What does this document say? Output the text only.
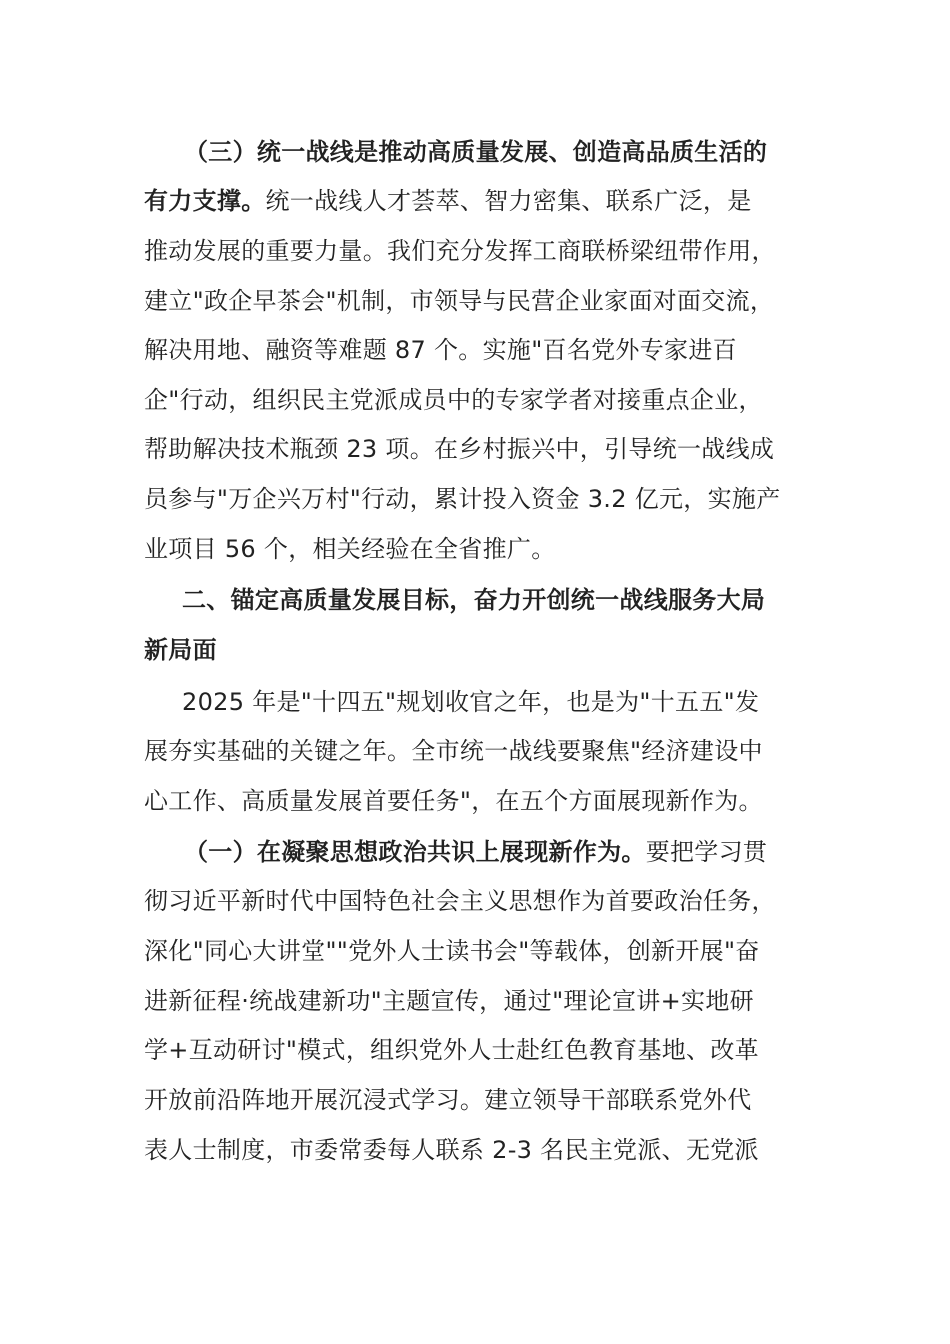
（三）统一战线是推动高质量发展、创造高品质生活的

有力支撑。统一战线人才荟萃、智力密集、联系广泛，是

推动发展的重要力量。我们充分发挥工商联桥梁纽带作用，

建立"政企早茶会"机制，市领导与民营企业家面对面交流，

解决用地、融资等难题 87 个。实施"百名党外专家进百

企"行动，组织民主党派成员中的专家学者对接重点企业，

帮助解决技术瓶颈 23 项。在乡村振兴中，引导统一战线成

员参与"万企兴万村"行动，累计投入资金 3.2 亿元，实施产

业项目 56 个，相关经验在全省推广。

二、锚定高质量发展目标，奋力开创统一战线服务大局

新局面

2025 年是"十四五"规划收官之年，也是为"十五五"发

展夯实基础的关键之年。全市统一战线要聚焦"经济建设中

心工作、高质量发展首要任务"，在五个方面展现新作为。

（一）在凝聚思想政治共识上展现新作为。要把学习贯

彻习近平新时代中国特色社会主义思想作为首要政治任务，

深化"同心大讲堂""党外人士读书会"等载体，创新开展"奋

进新征程·统战建新功"主题宣传，通过"理论宣讲+实地研

学+互动研讨"模式，组织党外人士赴红色教育基地、改革

开放前沿阵地开展沉浸式学习。建立领导干部联系党外代

表人士制度，市委常委每人联系 2-3 名民主党派、无党派
